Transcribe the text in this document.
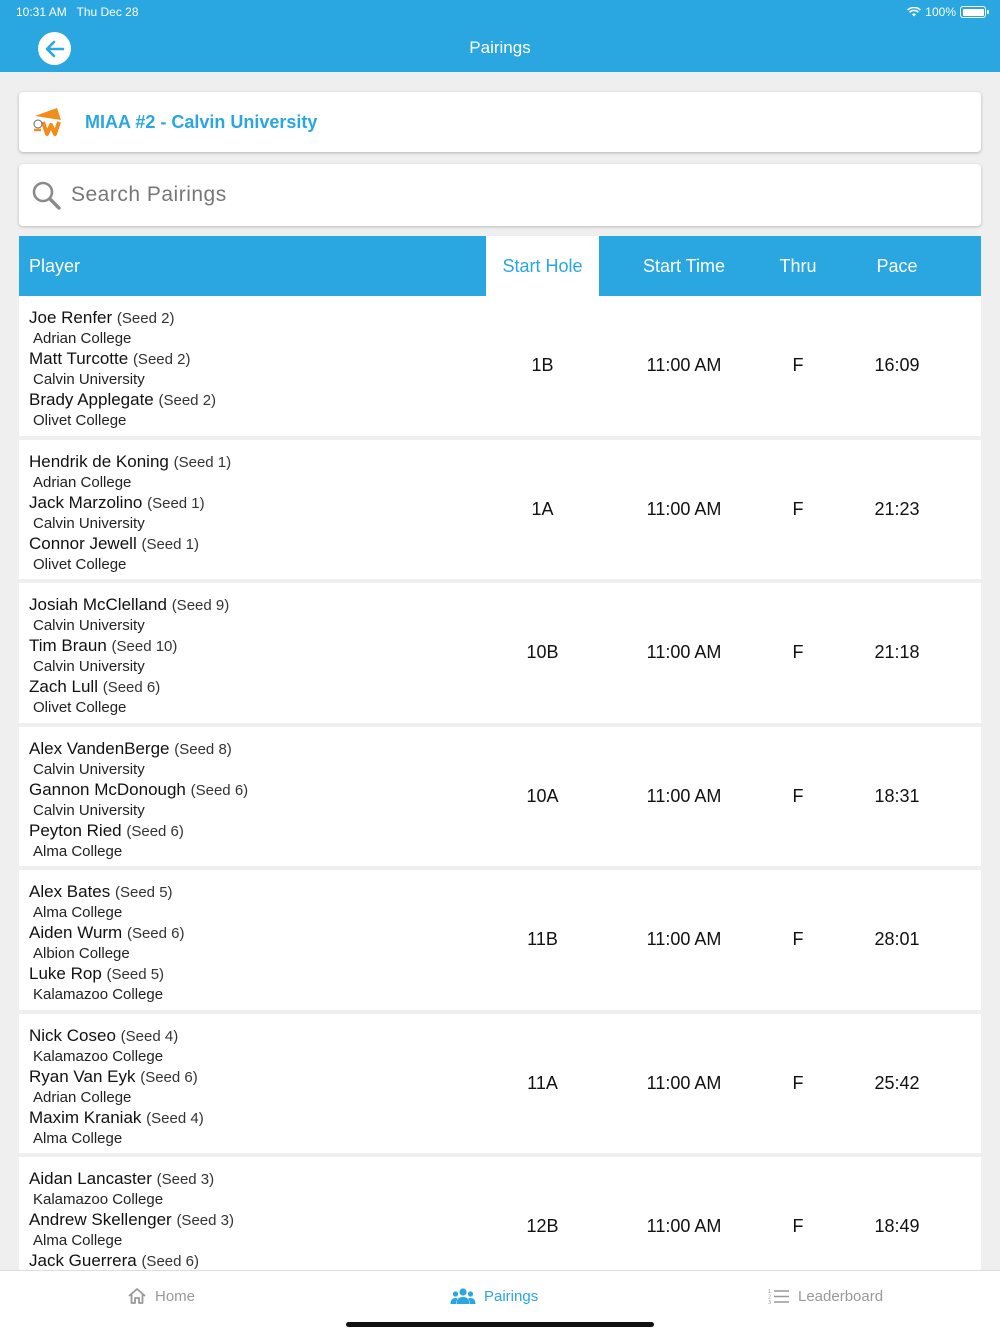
10:31 AM Thu Dec 28	100%
Pairings
MIAA #2 - Calvin University
Search Pairings
Player	Start Hole	Start Time	Thru	Pace
Joe Renfer (Seed 2)
Adrian College
Matt Turcotte (Seed 2)
Calvin University
Brady Applegate (Seed 2)
Olivet College
1B	11:00 AM	F	16:09
Hendrik de Koning (Seed 1)
Adrian College
Jack Marzolino (Seed 1)
Calvin University
Connor Jewell (Seed 1)
Olivet College
1A	11:00 AM	F	21:23
Josiah McClelland (Seed 9)
Calvin University
Tim Braun (Seed 10)
Calvin University
Zach Lull (Seed 6)
Olivet College
10B	11:00 AM	F	21:18
Alex VandenBerge (Seed 8)
Calvin University
Gannon McDonough (Seed 6)
Calvin University
Peyton Ried (Seed 6)
Alma College
10A	11:00 AM	F	18:31
Alex Bates (Seed 5)
Alma College
Aiden Wurm (Seed 6)
Albion College
Luke Rop (Seed 5)
Kalamazoo College
11B	11:00 AM	F	28:01
Nick Coseo (Seed 4)
Kalamazoo College
Ryan Van Eyk (Seed 6)
Adrian College
Maxim Kraniak (Seed 4)
Alma College
11A	11:00 AM	F	25:42
Aidan Lancaster (Seed 3)
Kalamazoo College
Andrew Skellenger (Seed 3)
Alma College
Jack Guerrera (Seed 6)
12B	11:00 AM	F	18:49
Home	Pairings	1
2
3 Leaderboard
